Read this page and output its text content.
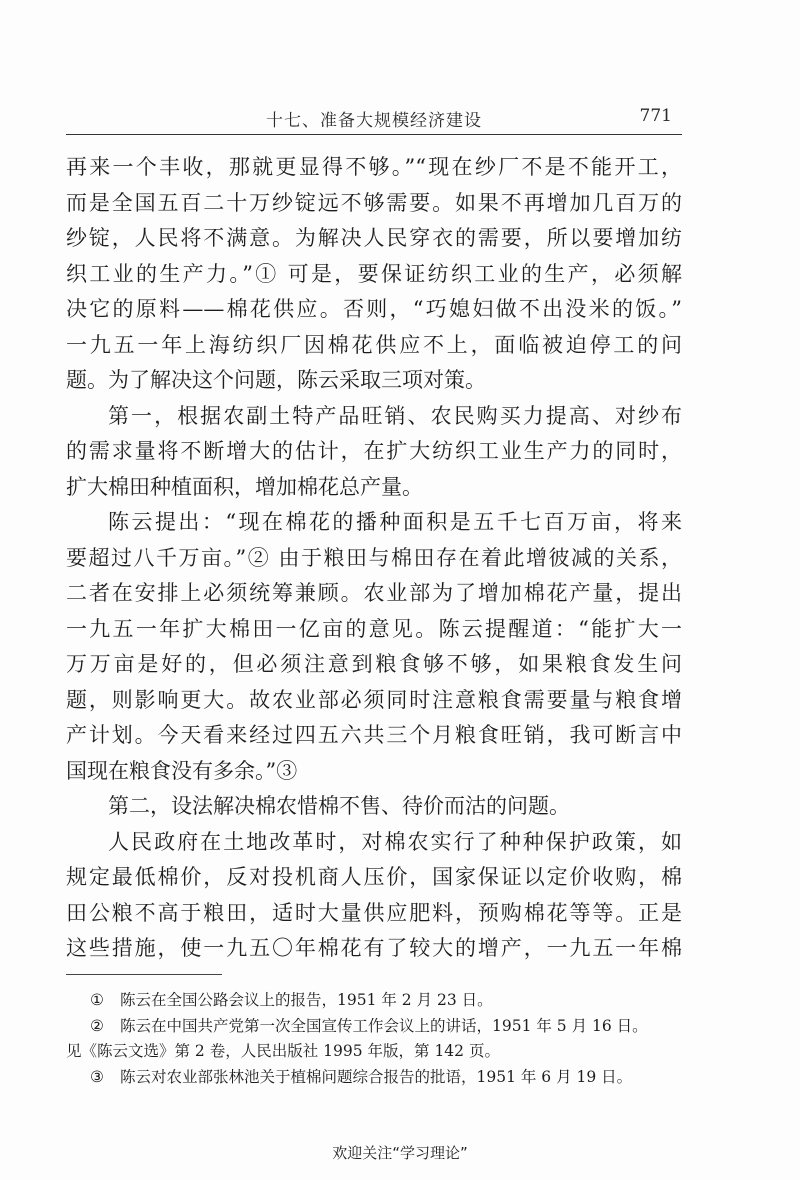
十七、准备大规模经济建设	771
再来一个丰收，那就更显得不够。”“现在纱厂不是不能开工，
而是全国五百二十万纱锭远不够需要。如果不再增加几百万的
纱锭，人民将不满意。为解决人民穿衣的需要，所以要增加纺
织工业的生产力。”① 可是，要保证纺织工业的生产，必须解
决它的原料——棉花供应。否则，“巧媳妇做不出没米的饭。”
一九五一年上海纺织厂因棉花供应不上，面临被迫停工的问
题。为了解决这个问题，陈云采取三项对策。
第一，根据农副土特产品旺销、农民购买力提高、对纱布
的需求量将不断增大的估计，在扩大纺织工业生产力的同时，
扩大棉田种植面积，增加棉花总产量。
陈云提出：“现在棉花的播种面积是五千七百万亩，将来
要超过八千万亩。”② 由于粮田与棉田存在着此增彼减的关系，
二者在安排上必须统筹兼顾。农业部为了增加棉花产量，提出
一九五一年扩大棉田一亿亩的意见。陈云提醒道：“能扩大一
万万亩是好的，但必须注意到粮食够不够，如果粮食发生问
题，则影响更大。故农业部必须同时注意粮食需要量与粮食增
产计划。今天看来经过四五六共三个月粮食旺销，我可断言中
国现在粮食没有多余。”③
第二，设法解决棉农惜棉不售、待价而沽的问题。
人民政府在土地改革时，对棉农实行了种种保护政策，如
规定最低棉价，反对投机商人压价，国家保证以定价收购，棉
田公粮不高于粮田，适时大量供应肥料，预购棉花等等。正是
这些措施，使一九五〇年棉花有了较大的增产，一九五一年棉
① 陈云在全国公路会议上的报告，1951 年 2 月 23 日。
② 陈云在中国共产党第一次全国宣传工作会议上的讲话，1951 年 5 月 16 日。
见《陈云文选》第 2 卷，人民出版社 1995 年版，第 142 页。
③ 陈云对农业部张林池关于植棉问题综合报告的批语，1951 年 6 月 19 日。
欢迎关注“学习理论”
